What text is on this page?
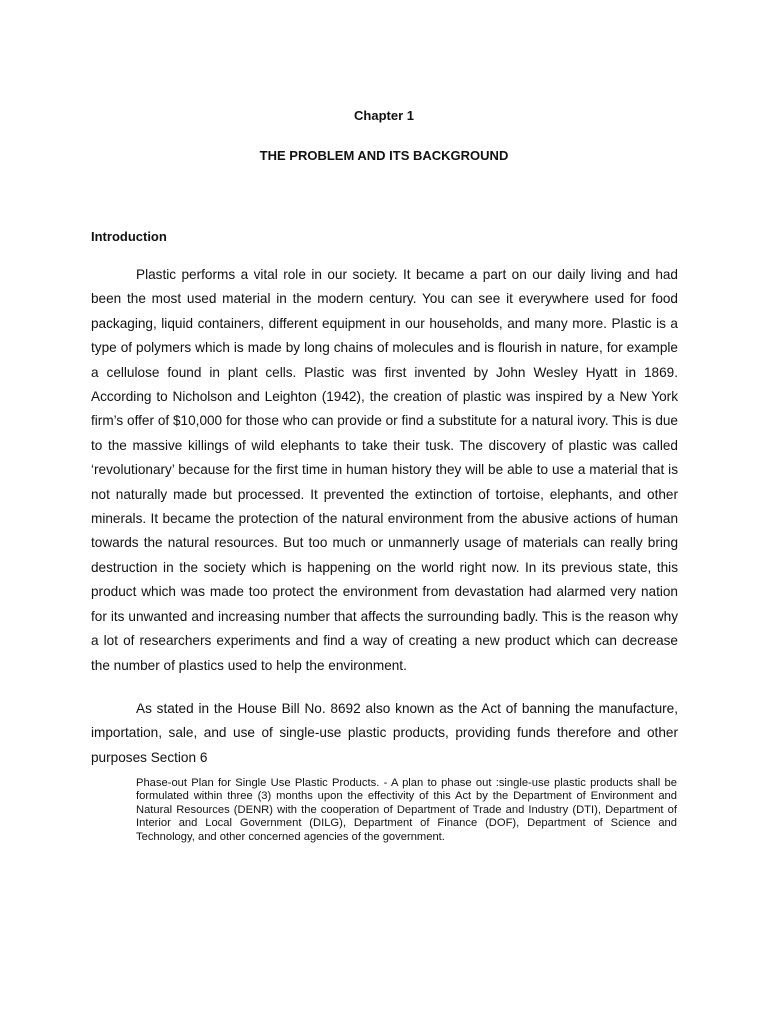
Chapter 1
THE PROBLEM AND ITS BACKGROUND
Introduction

Plastic performs a vital role in our society. It became a part on our daily living and had been the most used material in the modern century. You can see it everywhere used for food packaging, liquid containers, different equipment in our households, and many more. Plastic is a type of polymers which is made by long chains of molecules and is flourish in nature, for example a cellulose found in plant cells. Plastic was first invented by John Wesley Hyatt in 1869. According to Nicholson and Leighton (1942), the creation of plastic was inspired by a New York firm’s offer of $10,000 for those who can provide or find a substitute for a natural ivory. This is due to the massive killings of wild elephants to take their tusk. The discovery of plastic was called ‘revolutionary’ because for the first time in human history they will be able to use a material that is not naturally made but processed. It prevented the extinction of tortoise, elephants, and other minerals. It became the protection of the natural environment from the abusive actions of human towards the natural resources. But too much or unmannerly usage of materials can really bring destruction in the society which is happening on the world right now. In its previous state, this product which was made too protect the environment from devastation had alarmed very nation for its unwanted and increasing number that affects the surrounding badly. This is the reason why a lot of researchers experiments and find a way of creating a new product which can decrease the number of plastics used to help the environment.

As stated in the House Bill No. 8692 also known as the Act of banning the manufacture, importation, sale, and use of single-use plastic products, providing funds therefore and other purposes Section 6

Phase-out Plan for Single Use Plastic Products. - A plan to phase out :single-use plastic products shall be formulated within three (3) months upon the effectivity of this Act by the Department of Environment and Natural Resources (DENR) with the cooperation of Department of Trade and Industry (DTI), Department of Interior and Local Government (DILG), Department of Finance (DOF), Department of Science and Technology, and other concerned agencies of the government.
